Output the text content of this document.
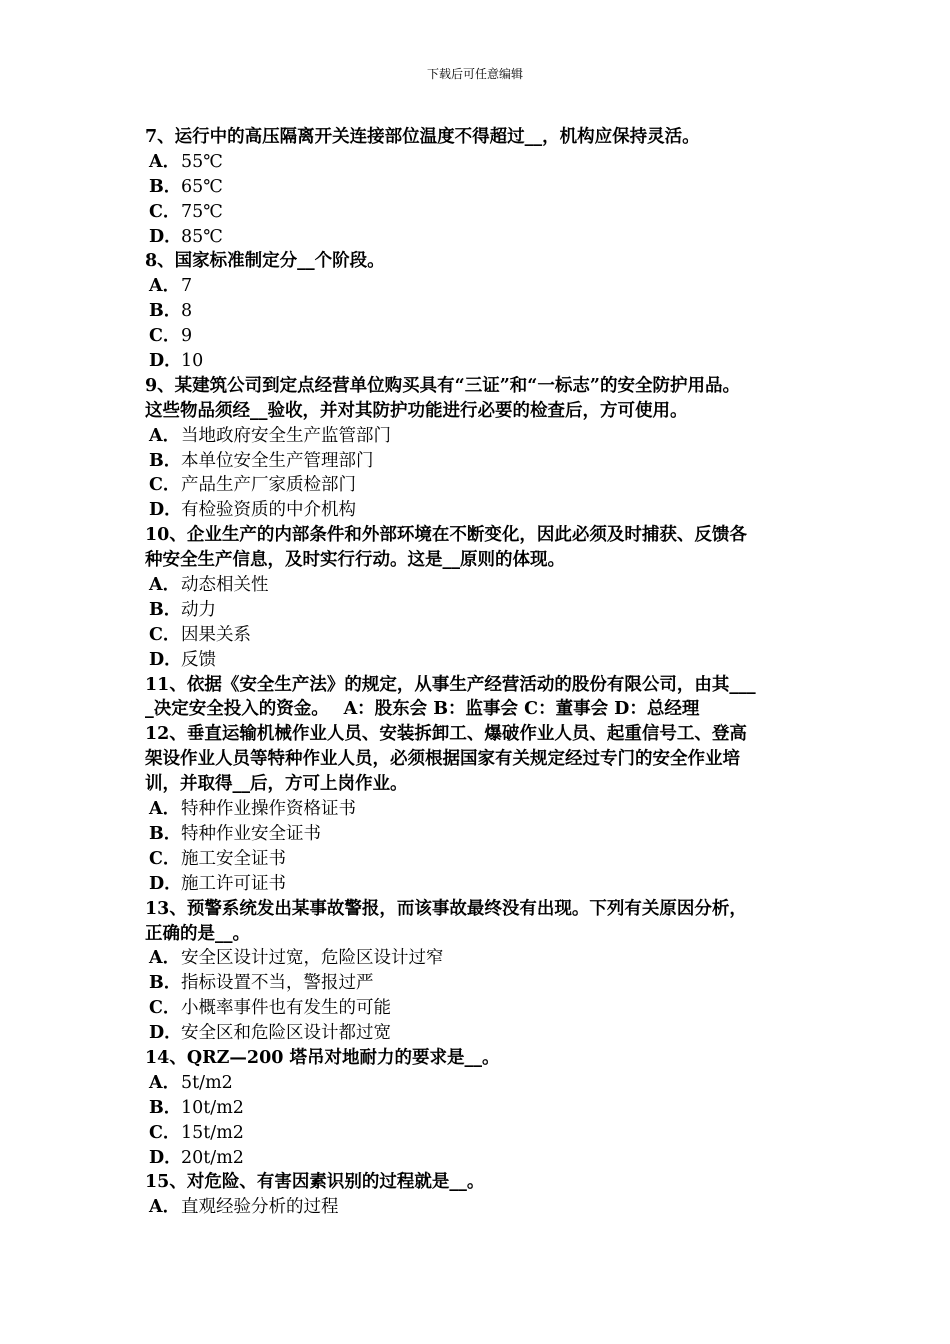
下载后可任意编辑
7、运行中的高压隔离开关连接部位温度不得超过__，机构应保持灵活。
A．55℃
B．65℃
C．75℃
D．85℃
8、国家标准制定分__个阶段。
A．7
B．8
C．9
D．10
9、某建筑公司到定点经营单位购买具有“三证”和“一标志”的安全防护用品。
这些物品须经__验收，并对其防护功能进行必要的检查后，方可使用。
A．当地政府安全生产监管部门
B．本单位安全生产管理部门
C．产品生产厂家质检部门
D．有检验资质的中介机构
10、企业生产的内部条件和外部环境在不断变化，因此必须及时捕获、反馈各
种安全生产信息，及时实行行动。这是__原则的体现。
A．动态相关性
B．动力
C．因果关系
D．反馈
11、依据《安全生产法》的规定，从事生产经营活动的股份有限公司，由其___
_决定安全投入的资金。　 A：股东会 B：监事会 C：董事会 D：总经理
12、垂直运输机械作业人员、安装拆卸工、爆破作业人员、起重信号工、登高
架设作业人员等特种作业人员，必须根据国家有关规定经过专门的安全作业培
训，并取得__后，方可上岗作业。
A．特种作业操作资格证书
B．特种作业安全证书
C．施工安全证书
D．施工许可证书
13、预警系统发出某事故警报，而该事故最终没有出现。下列有关原因分析，
正确的是__。
A．安全区设计过宽，危险区设计过窄
B．指标设置不当，警报过严
C．小概率事件也有发生的可能
D．安全区和危险区设计都过宽
14、QRZ—200 塔吊对地耐力的要求是__。
A．5t/m2
B．10t/m2
C．15t/m2
D．20t/m2
15、对危险、有害因素识别的过程就是__。
A．直观经验分析的过程
